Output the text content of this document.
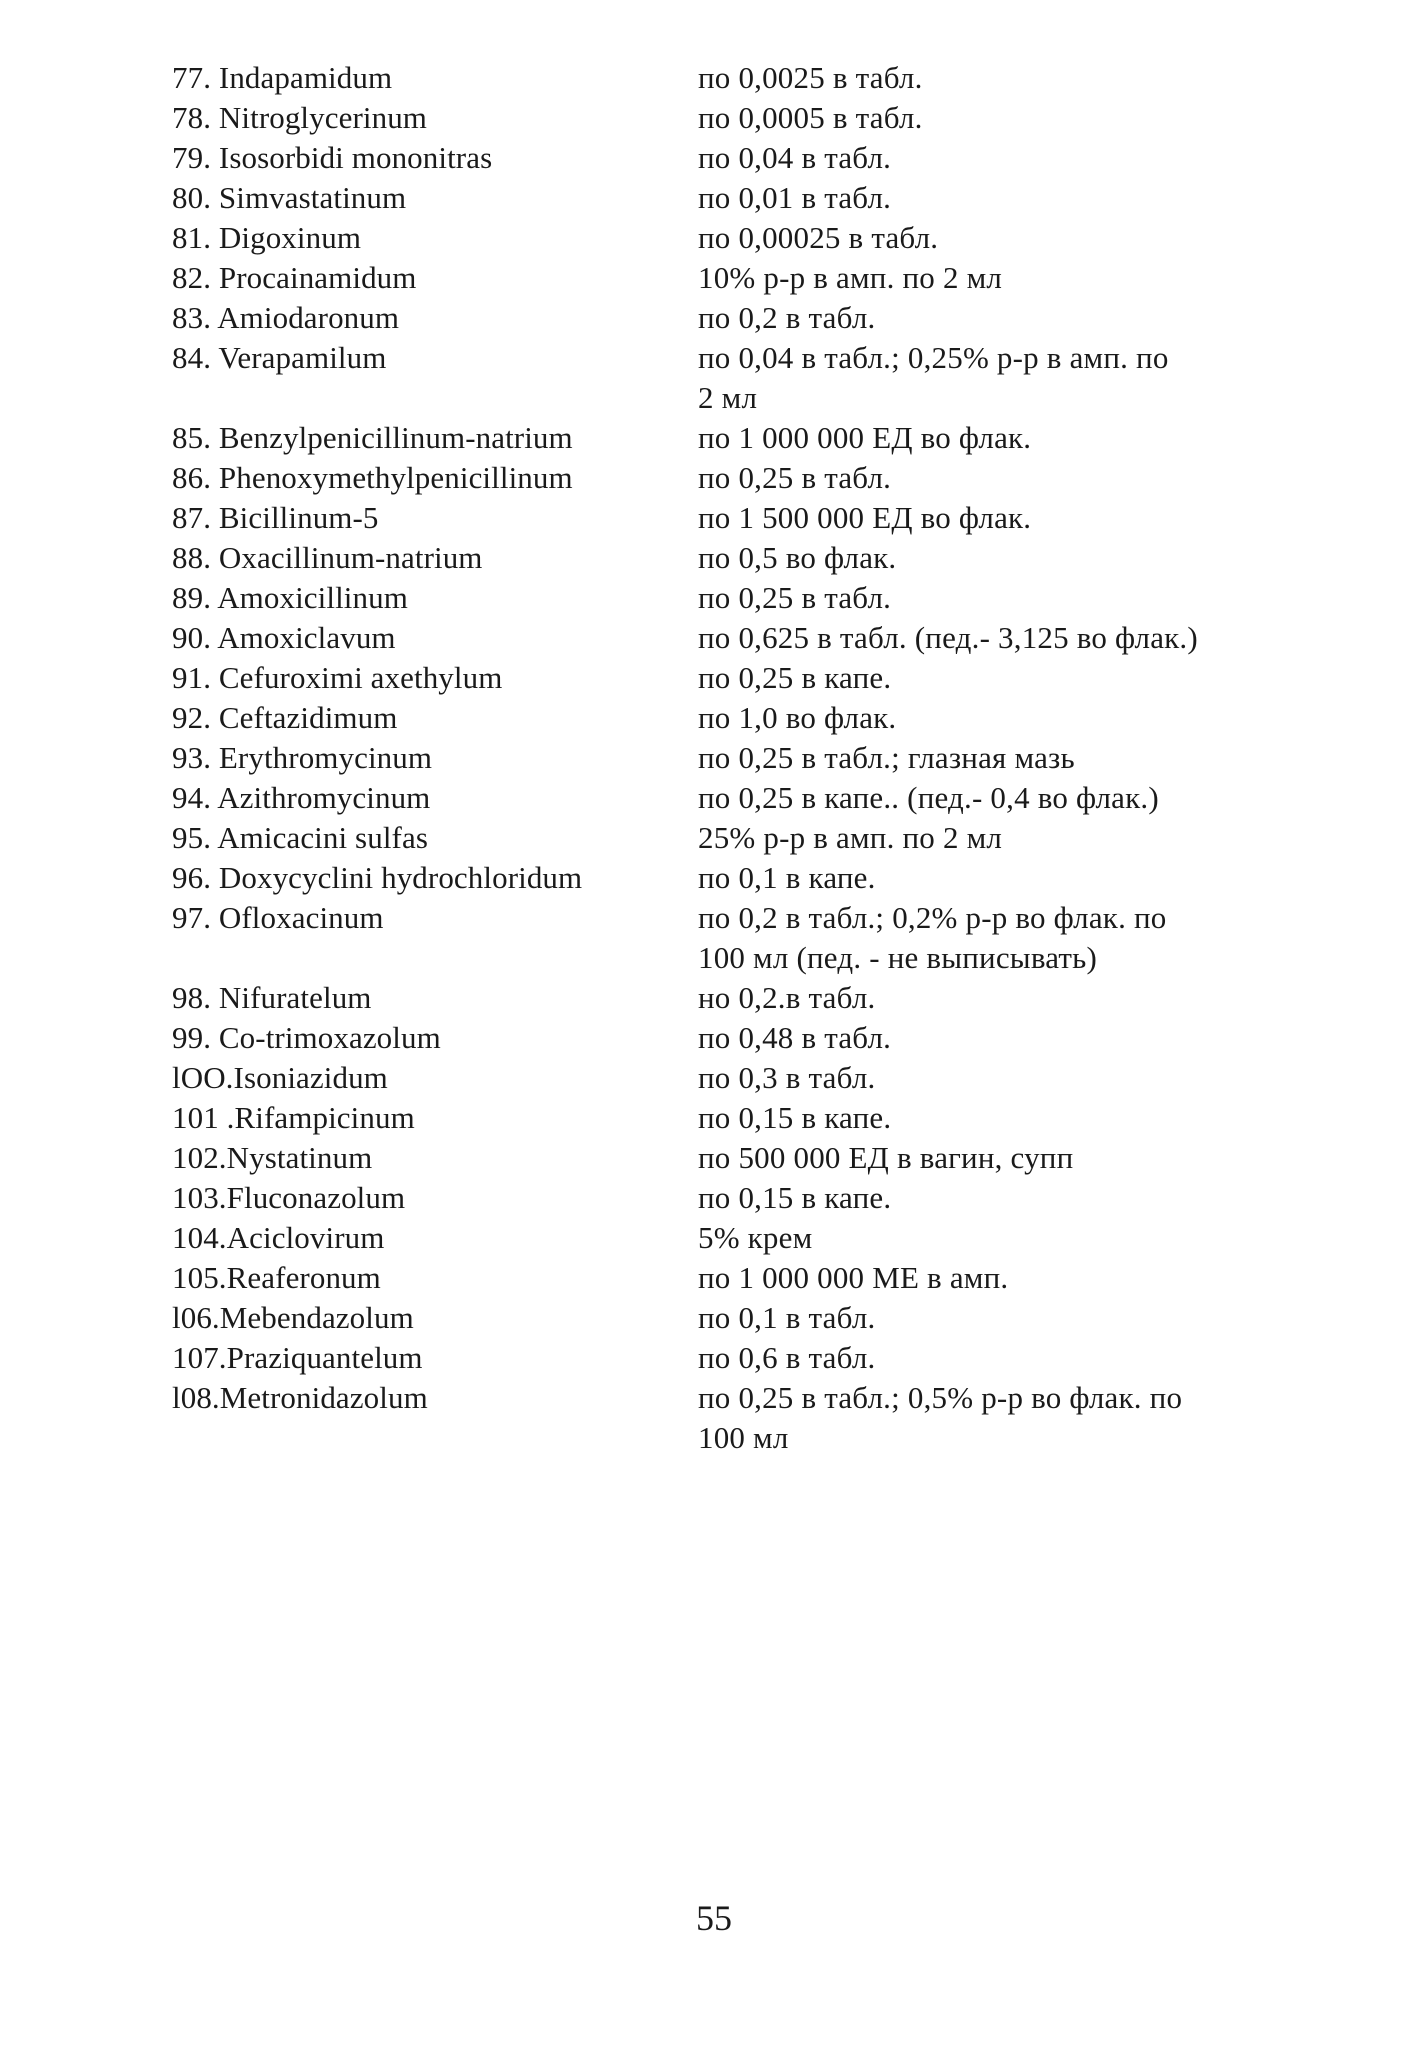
77. Indapamidum	по 0,0025 в табл.
78. Nitroglycerinum	по 0,0005 в табл.
79. Isosorbidi mononitras	по 0,04 в табл.
80. Simvastatinum	по 0,01 в табл.
81. Digoxinum	по 0,00025 в табл.
82. Procainamidum	10% р-р в амп. по 2 мл
83. Amiodaronum	по 0,2 в табл.
84. Verapamilum	по 0,04 в табл.; 0,25% р-р в амп. по
2 мл
85. Benzylpenicillinum-natrium	по 1 000 000 ЕД во флак.
86. Phenoxymethylpenicillinum	по 0,25 в табл.
87. Bicillinum-5	по 1 500 000 ЕД во флак.
88. Oxacillinum-natrium	по 0,5 во флак.
89. Amoxicillinum	по 0,25 в табл.
90. Amoxiclavum	по 0,625 в табл. (пед.- 3,125 во флак.)
91. Cefuroximi axethylum	по 0,25 в капе.
92. Ceftazidimum	по 1,0 во флак.
93. Erythromycinum	по 0,25 в табл.; глазная мазь
94. Azithromycinum	по 0,25 в капе.. (пед.- 0,4 во флак.)
95. Amicacini sulfas	25% р-р в амп. по 2 мл
96. Doxycyclini hydrochloridum	по 0,1 в капе.
97. Ofloxacinum	по 0,2 в табл.; 0,2% р-р во флак. по
100 мл (пед. - не выписывать)
98. Nifuratelum	но 0,2.в табл.
99. Co-trimoxazolum	по 0,48 в табл.
lOO.Isoniazidum	по 0,3 в табл.
101 .Rifampicinum	по 0,15 в капе.
102.Nystatinum	по 500 000 ЕД в вагин, супп
103.Fluconazolum	по 0,15 в капе.
104.Aciclovirum	5% крем
105.Reaferonum	по 1 000 000 ME в амп.
l06.Mebendazolum	по 0,1 в табл.
107.Praziquantelum	по 0,6 в табл.
l08.Metronidazolum	по 0,25 в табл.; 0,5% р-р во флак. по
100 мл
55
